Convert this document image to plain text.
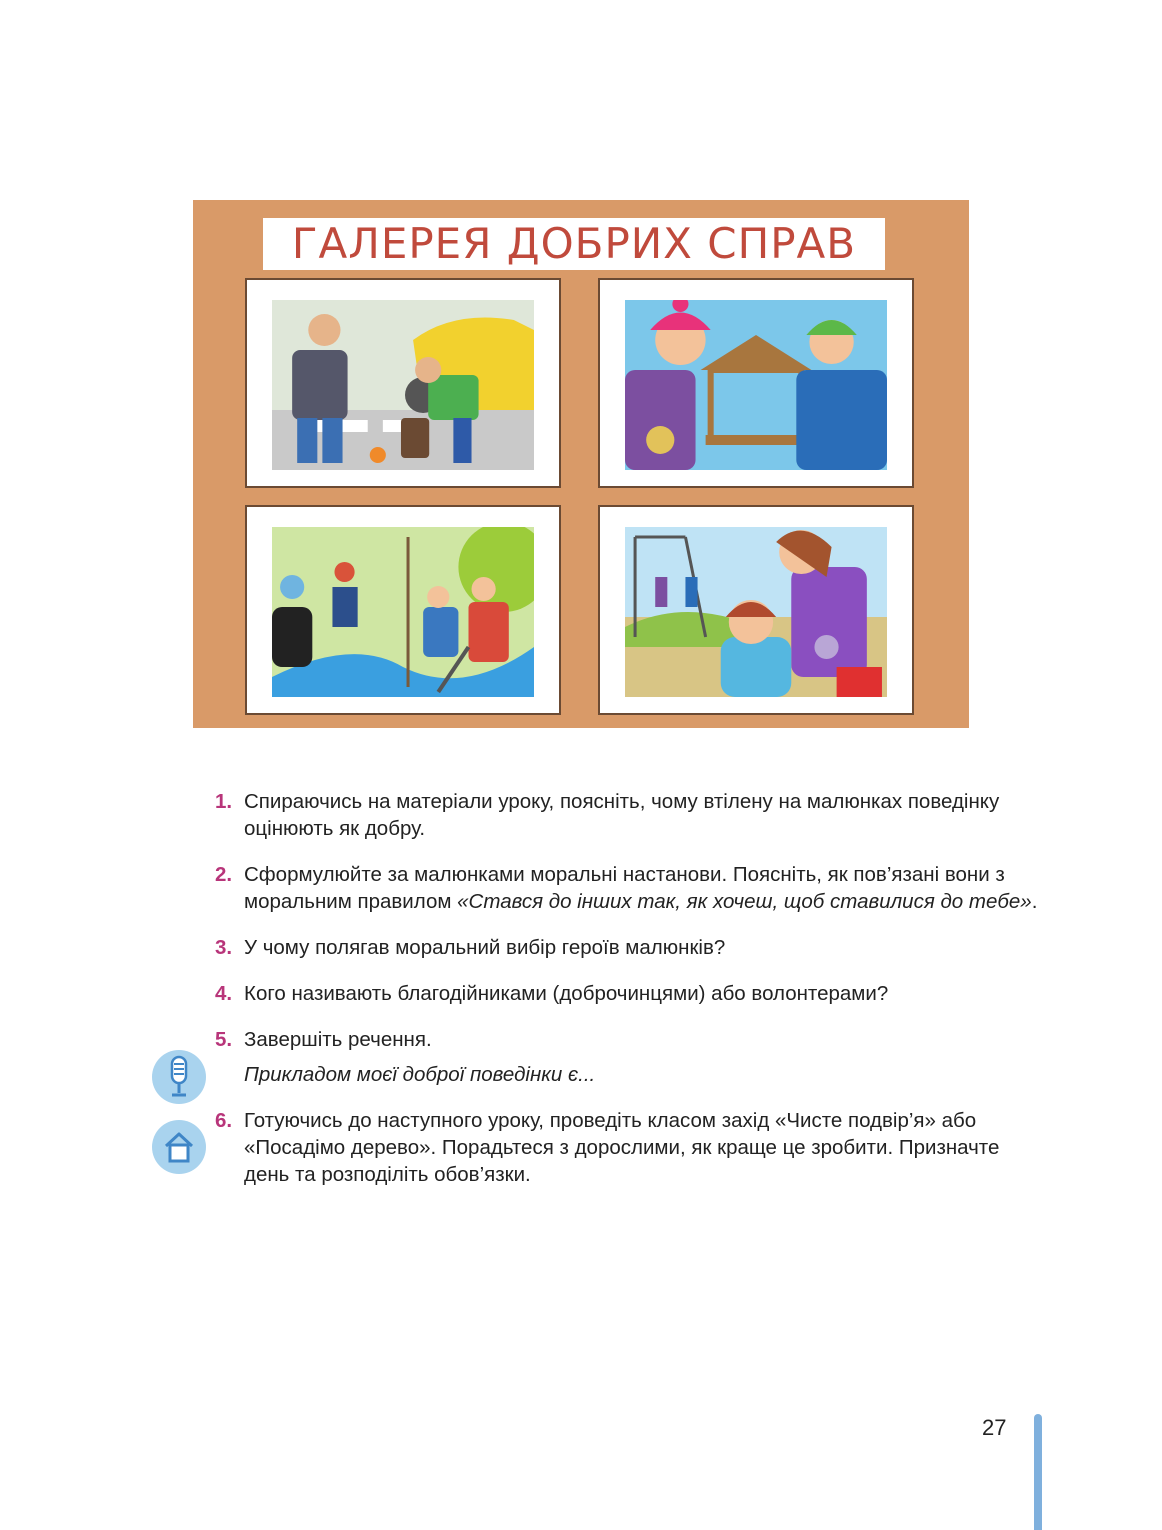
ГАЛЕРЕЯ ДОБРИХ СПРАВ
1. Спираючись на матеріали уроку, поясніть, чому втілену на малюнках поведінку оцінюють як добру.
2. Сформулюйте за малюнками моральні настанови. Поясніть, як пов’язані вони з моральним правилом «Стався до інших так, як хочеш, щоб ставилися до тебе».
3. У чому полягав моральний вибір героїв малюнків?
4. Кого називають благодійниками (доброчинцями) або волонтерами?
5. Завершіть речення.
Прикладом моєї доброї поведінки є...
6. Готуючись до наступного уроку, проведіть класом захід «Чисте подвір’я» або «Посадімо дерево». Порадьтеся з дорослими, як краще це зробити. Призначте день та розподіліть обов’язки.
27
